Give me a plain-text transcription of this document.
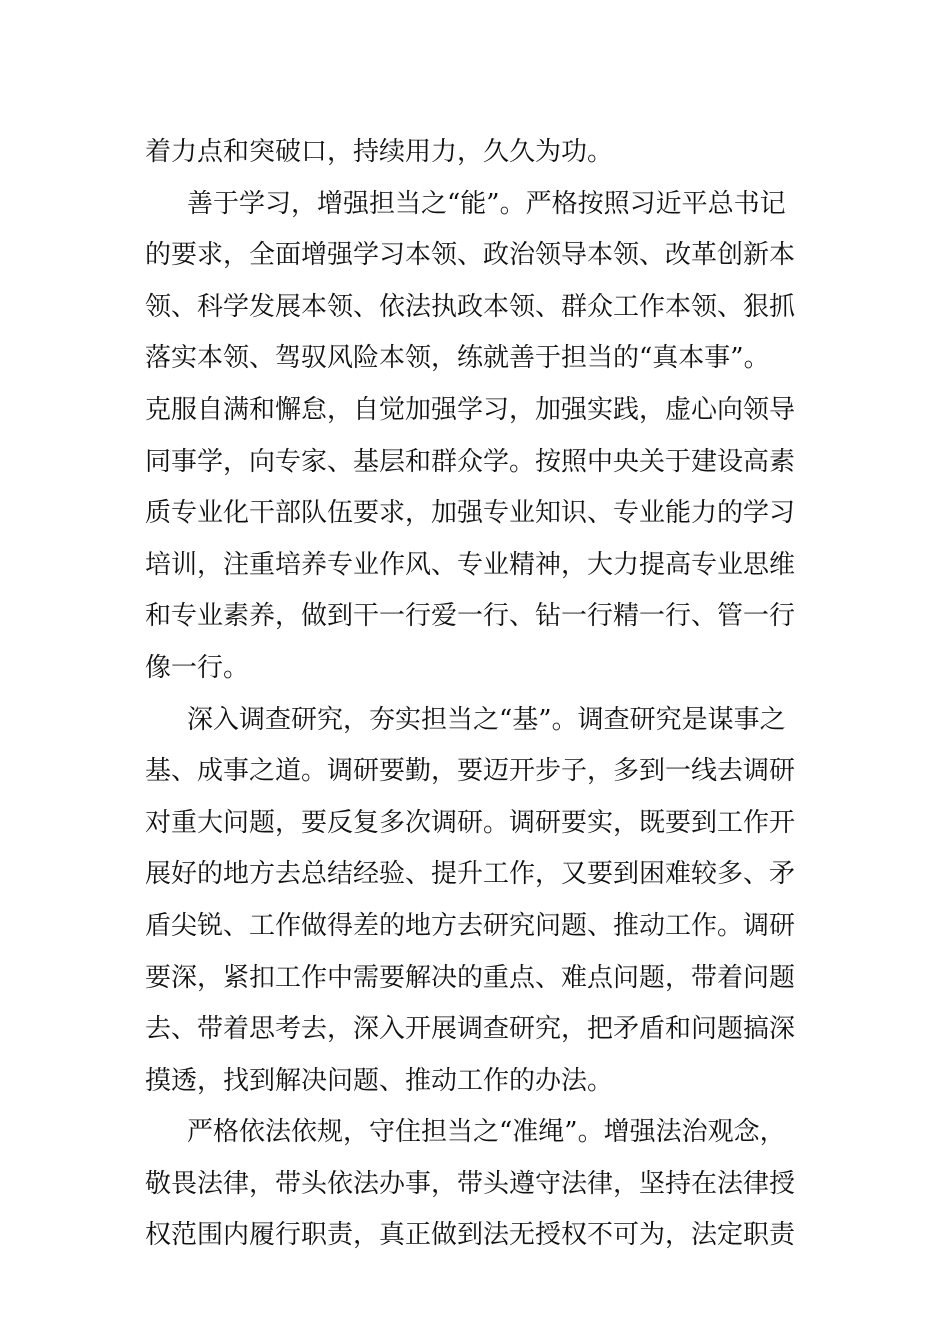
着力点和突破口，持续用力，久久为功。
善于学习，增强担当之“能”。严格按照习近平总书记
的要求，全面增强学习本领、政治领导本领、改革创新本
领、科学发展本领、依法执政本领、群众工作本领、狠抓
落实本领、驾驭风险本领，练就善于担当的“真本事”。
克服自满和懈怠，自觉加强学习，加强实践，虚心向领导
同事学，向专家、基层和群众学。按照中央关于建设高素
质专业化干部队伍要求，加强专业知识、专业能力的学习
培训，注重培养专业作风、专业精神，大力提高专业思维
和专业素养，做到干一行爱一行、钻一行精一行、管一行
像一行。
深入调查研究，夯实担当之“基”。调查研究是谋事之
基、成事之道。调研要勤，要迈开步子，多到一线去调研
对重大问题，要反复多次调研。调研要实，既要到工作开
展好的地方去总结经验、提升工作，又要到困难较多、矛
盾尖锐、工作做得差的地方去研究问题、推动工作。调研
要深，紧扣工作中需要解决的重点、难点问题，带着问题
去、带着思考去，深入开展调查研究，把矛盾和问题搞深
摸透，找到解决问题、推动工作的办法。
严格依法依规，守住担当之“准绳”。增强法治观念，
敬畏法律，带头依法办事，带头遵守法律，坚持在法律授
权范围内履行职责，真正做到法无授权不可为，法定职责
